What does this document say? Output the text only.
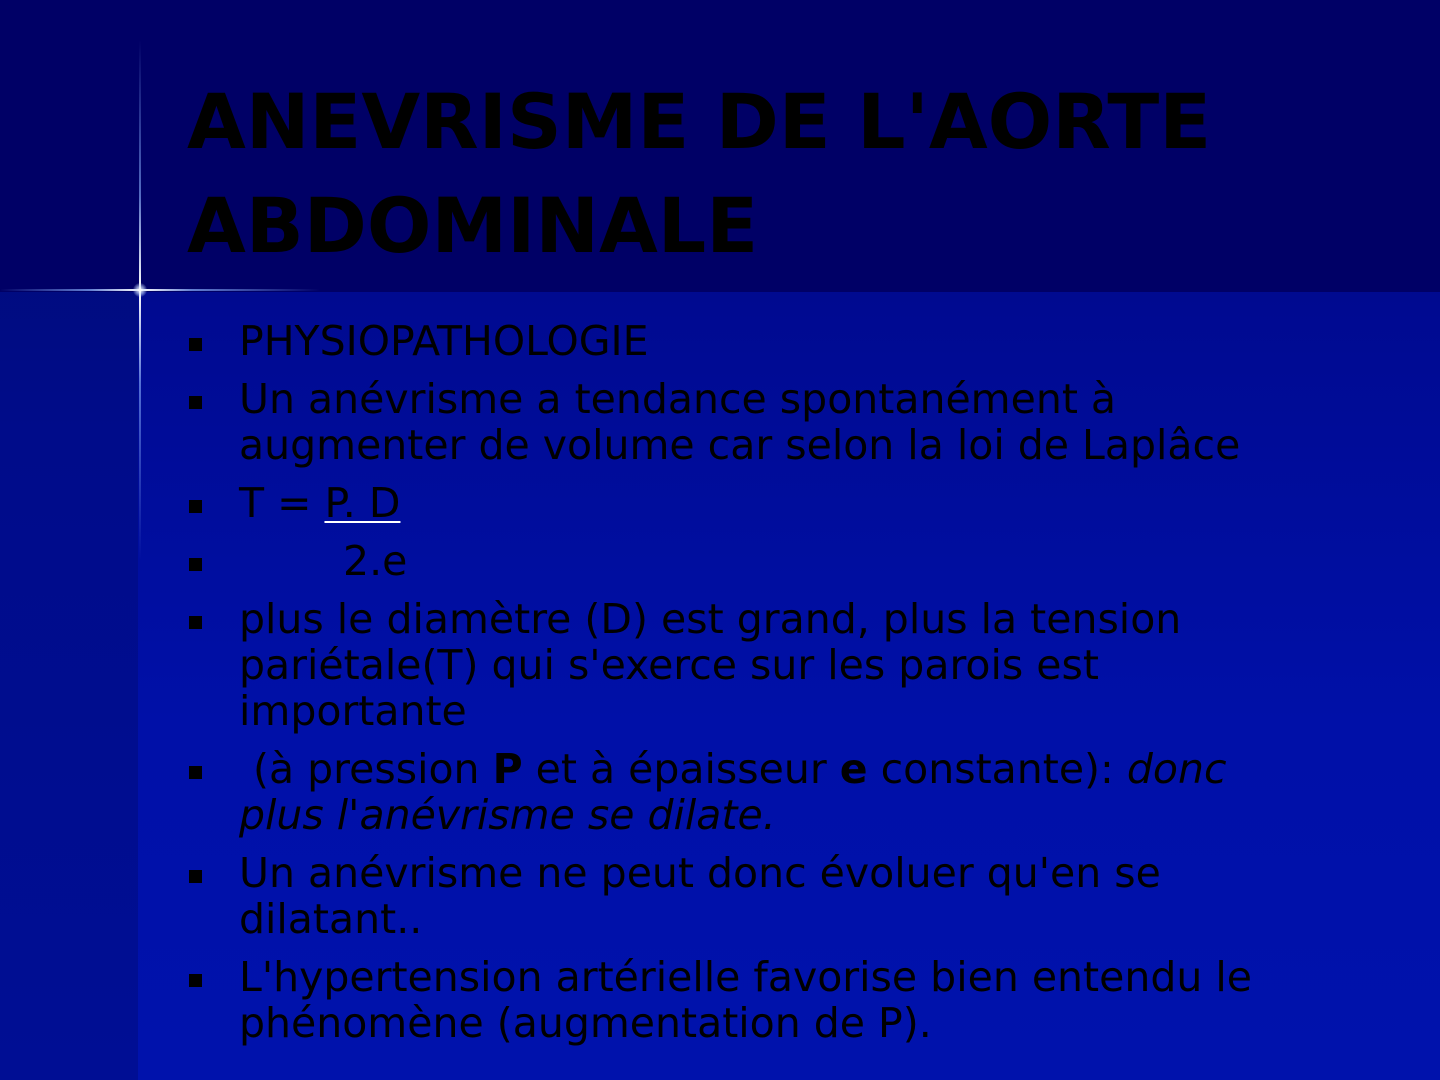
ANEVRISME DE L'AORTE
ABDOMINALE
PHYSIOPATHOLOGIE
Un anévrisme a tendance spontanément à
augmenter de volume car selon la loi de Laplâce
T = P. D
2.e
plus le diamètre (D) est grand, plus la tension
pariétale(T) qui s'exerce sur les parois est
importante
(à pression P et à épaisseur e constante): donc
plus l'anévrisme se dilate.
Un anévrisme ne peut donc évoluer qu'en se
dilatant..
L'hypertension artérielle favorise bien entendu le
phénomène (augmentation de P).
